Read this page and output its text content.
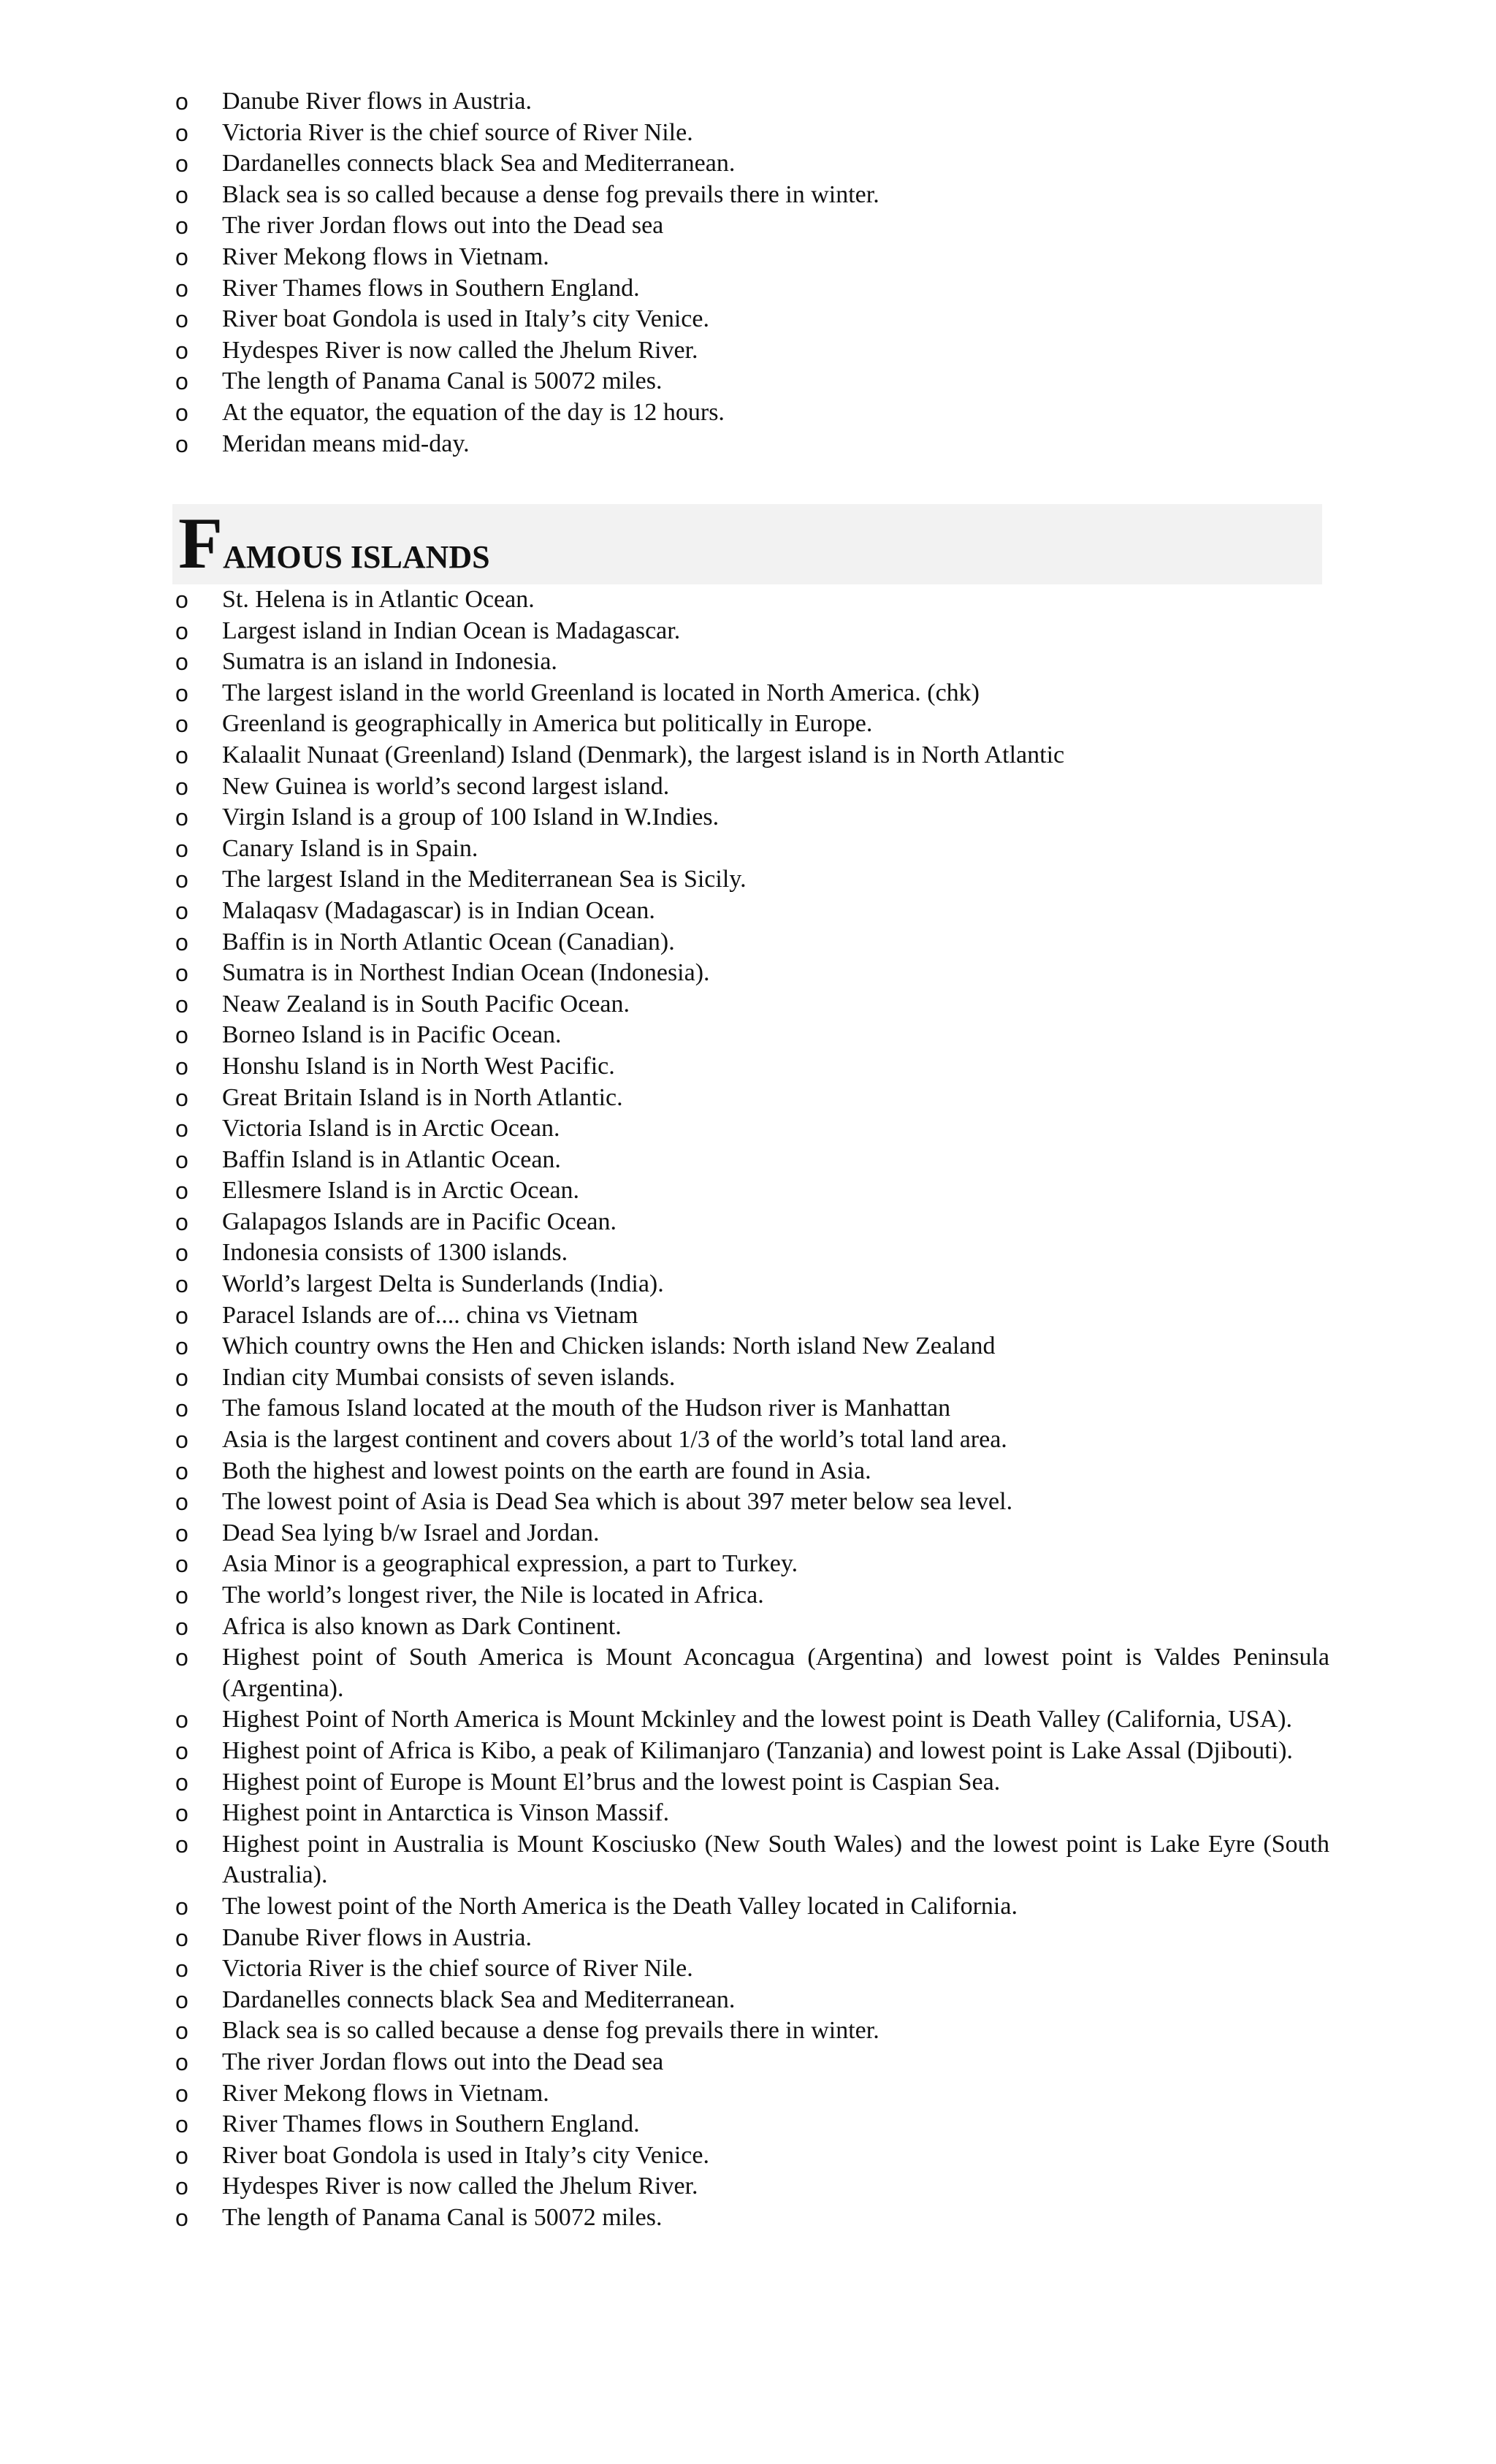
o	Danube River flows in Austria.
o	Victoria River is the chief source of River Nile.
o	Dardanelles connects black Sea and Mediterranean.
o	Black sea is so called because a dense fog prevails there in winter.
o	The river Jordan flows out into the Dead sea
o	River Mekong flows in Vietnam.
o	River Thames flows in Southern England.
o	River boat Gondola is used in Italy’s city Venice.
o	Hydespes River is now called the Jhelum River.
o	The length of Panama Canal is 50072 miles.
o	At the equator, the equation of the day is 12 hours.
o	Meridan means mid-day.
FAMOUS ISLANDS
o	St. Helena is in Atlantic Ocean.
o	Largest island in Indian Ocean is Madagascar.
o	Sumatra is an island in Indonesia.
o	The largest island in the world Greenland is located in North America. (chk)
o	Greenland is geographically in America but politically in Europe.
o	Kalaalit Nunaat (Greenland) Island (Denmark), the largest island is in North Atlantic
o	New Guinea is world’s second largest island.
o	Virgin Island is a group of 100 Island in W.Indies.
o	Canary Island is in Spain.
o	The largest Island in the Mediterranean Sea is Sicily.
o	Malaqasv (Madagascar) is in Indian Ocean.
o	Baffin is in North Atlantic Ocean (Canadian).
o	Sumatra is in Northest Indian Ocean (Indonesia).
o	Neaw Zealand is in South Pacific Ocean.
o	Borneo Island is in Pacific Ocean.
o	Honshu Island is in North West Pacific.
o	Great Britain Island is in North Atlantic.
o	Victoria Island is in Arctic Ocean.
o	Baffin Island is in Atlantic Ocean.
o	Ellesmere Island is in Arctic Ocean.
o	Galapagos Islands are in Pacific Ocean.
o	Indonesia consists of 1300 islands.
o	World’s largest Delta is Sunderlands (India).
o	Paracel Islands are of.... china vs Vietnam
o	Which country owns the Hen and Chicken islands: North island New Zealand
o	Indian city Mumbai consists of seven islands.
o	The famous Island located at the mouth of the Hudson river is Manhattan
o	Asia is the largest continent and covers about 1/3 of the world’s total land area.
o	Both the highest and lowest points on the earth are found in Asia.
o	The lowest point of Asia is Dead Sea which is about 397 meter below sea level.
o	Dead Sea lying b/w Israel and Jordan.
o	Asia Minor is a geographical expression, a part to Turkey.
o	The world’s longest river, the Nile is located in Africa.
o	Africa is also known as Dark Continent.
o	Highest point of South America is Mount Aconcagua (Argentina) and lowest point is Valdes Peninsula (Argentina).
o	Highest Point of North America is Mount Mckinley and the lowest point is Death Valley (California, USA).
o	Highest point of Africa is Kibo, a peak of Kilimanjaro (Tanzania) and lowest point is Lake Assal (Djibouti).
o	Highest point of Europe is Mount El’brus and the lowest point is Caspian Sea.
o	Highest point in Antarctica is Vinson Massif.
o	Highest point in Australia is Mount Kosciusko (New South Wales) and the lowest point is Lake Eyre (South Australia).
o	The lowest point of the North America is the Death Valley located in California.
o	Danube River flows in Austria.
o	Victoria River is the chief source of River Nile.
o	Dardanelles connects black Sea and Mediterranean.
o	Black sea is so called because a dense fog prevails there in winter.
o	The river Jordan flows out into the Dead sea
o	River Mekong flows in Vietnam.
o	River Thames flows in Southern England.
o	River boat Gondola is used in Italy’s city Venice.
o	Hydespes River is now called the Jhelum River.
o	The length of Panama Canal is 50072 miles.
